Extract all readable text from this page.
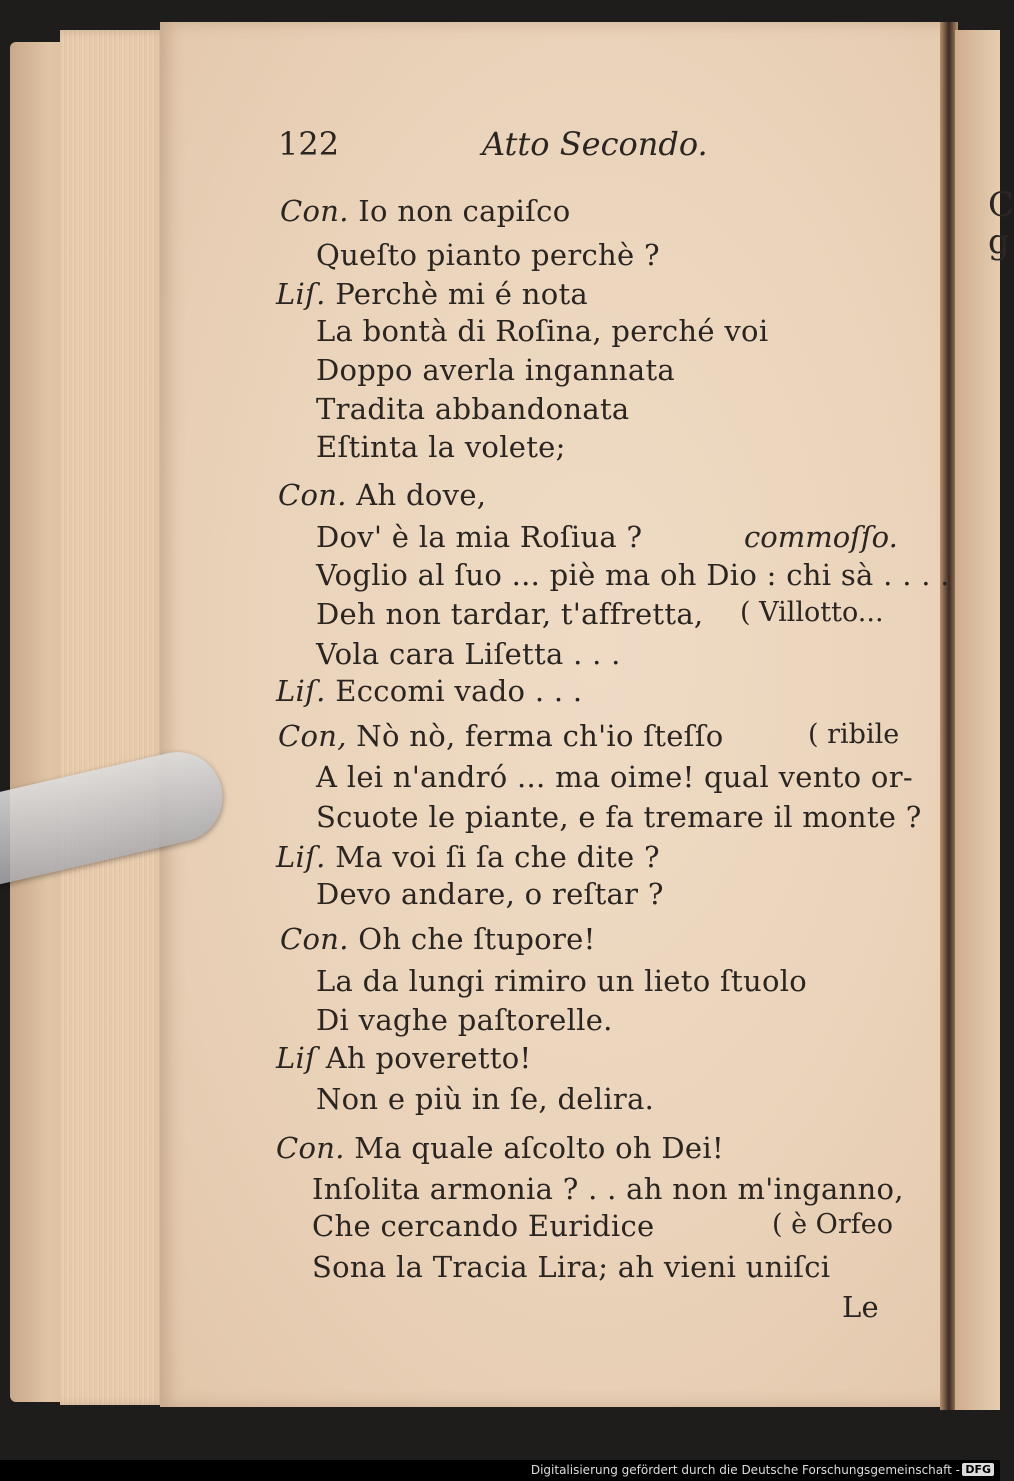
C
g
122	Atto Secondo.
Con. Io non capiſco
Queſto pianto perchè ?
Liſ. Perchè mi é nota
La bontà di Roſina, perché voi
Doppo averla ingannata
Tradita abbandonata
Eſtinta la volete;
Con. Ah dove,
Dov' è la mia Roſiua ?
Voglio al ſuo ... piè ma oh Dio : chi sà . . . .
Deh non tardar, t'affretta,
Vola cara Liſetta . . .
Liſ. Eccomi vado . . .
Con, Nò nò, ferma ch'io ſteſſo
A lei n'andró ... ma oime! qual vento or-
Scuote le piante, e fa tremare il monte ?
Liſ. Ma voi ſi ſa che dite ?
Devo andare, o reſtar ?
Con. Oh che ſtupore!
La da lungi rimiro un lieto ſtuolo
Di vaghe paſtorelle.
Liſ Ah poveretto!
Non e più in ſe, delira.
Con. Ma quale aſcolto oh Dei!
Inſolita armonia ? . . ah non m'inganno,
Che cercando Euridice
Sona la Tracia Lira; ah vieni uniſci
commoſſo.
( Villotto...
( ribile
( è Orfeo
Le
Digitalisierung gefördert durch die Deutsche Forschungsgemeinschaft - DFG
